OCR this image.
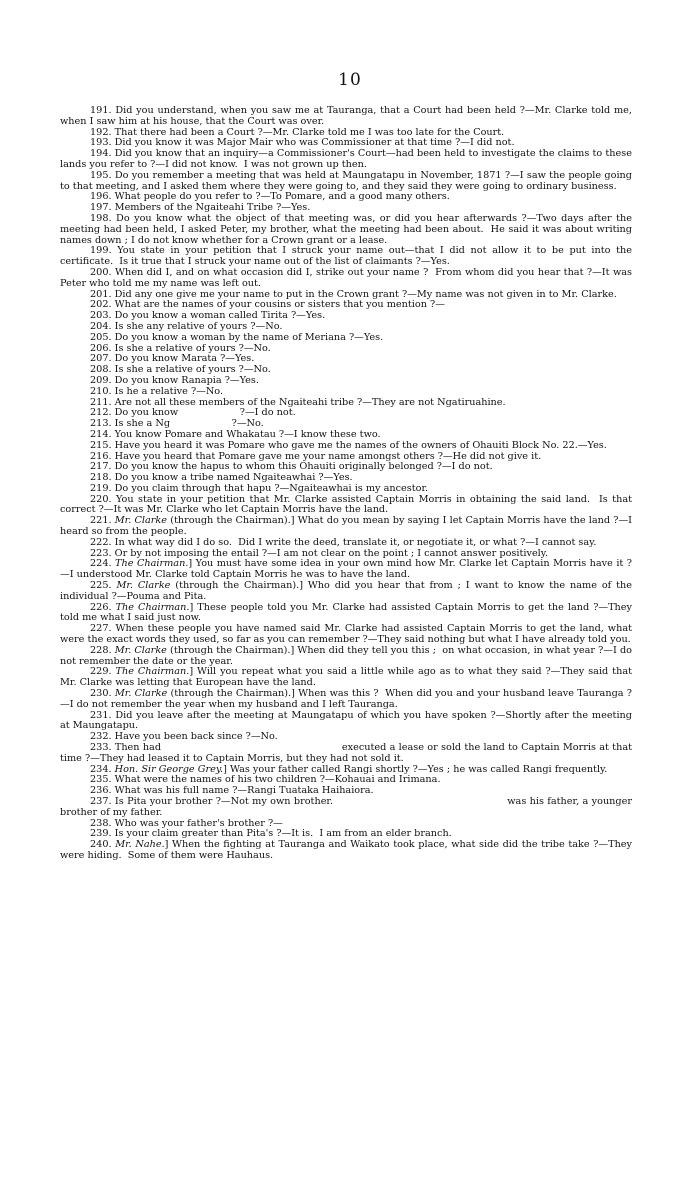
10

191. Did you understand, when you saw me at Tauranga, that a Court had been held ?—Mr. Clarke told me, when I saw him at his house, that the Court was over.

192. That there had been a Court ?—Mr. Clarke told me I was too late for the Court.

193. Did you know it was Major Mair who was Commissioner at that time ?—I did not.

194. Did you know that an inquiry—a Commissioner's Court—had been held to investigate the claims to these lands you refer to ?—I did not know.  I was not grown up then.

195. Do you remember a meeting that was held at Maungatapu in November, 1871 ?—I saw the people going to that meeting, and I asked them where they were going to, and they said they were going to ordinary business.

196. What people do you refer to ?—To Pomare, and a good many others.

197. Members of the Ngaiteahi Tribe ?—Yes.

198. Do you know what the object of that meeting was, or did you hear afterwards ?—Two days after the meeting had been held, I asked Peter, my brother, what the meeting had been about.  He said it was about writing names down ; I do not know whether for a Crown grant or a lease.

199. You state in your petition that I struck your name out—that I did not allow it to be put into the certificate.  Is it true that I struck your name out of the list of claimants ?—Yes.

200. When did I, and on what occasion did I, strike out your name ?  From whom did you hear that ?—It was Peter who told me my name was left out.

201. Did any one give me your name to put in the Crown grant ?—My name was not given in to Mr. Clarke.

202. What are the names of your cousins or sisters that you mention ?—

203. Do you know a woman called Tirita ?—Yes.

204. Is she any relative of yours ?—No.

205. Do you know a woman by the name of Meriana ?—Yes.

206. Is she a relative of yours ?—No.

207. Do you know Marata ?—Yes.

208. Is she a relative of yours ?—No.

209. Do you know Ranapia ?—Yes.

210. Is he a relative ?—No.

211. Are not all these members of the Ngaiteahi tribe ?—They are not Ngatiruahine.

212. Do you know                    ?—I do not.

213. Is she a Ng                    ?—No.

214. You know Pomare and Whakatau ?—I know these two.

215. Have you heard it was Pomare who gave me the names of the owners of Ohauiti Block No. 22.—Yes.

216. Have you heard that Pomare gave me your name amongst others ?—He did not give it.

217. Do you know the hapus to whom this Ohauiti originally belonged ?—I do not.

218. Do you know a tribe named Ngaiteawhai ?—Yes.

219. Do you claim through that hapu ?—Ngaiteawhai is my ancestor.

220. You state in your petition that Mr. Clarke assisted Captain Morris in obtaining the said land.  Is that correct ?—It was Mr. Clarke who let Captain Morris have the land.

221. Mr. Clarke (through the Chairman).] What do you mean by saying I let Captain Morris have the land ?—I heard so from the people.

222. In what way did I do so.  Did I write the deed, translate it, or negotiate it, or what ?—I cannot say.

223. Or by not imposing the entail ?—I am not clear on the point ; I cannot answer positively.

224. The Chairman.] You must have some idea in your own mind how Mr. Clarke let Captain Morris have it ?—I understood Mr. Clarke told Captain Morris he was to have the land.

225. Mr. Clarke (through the Chairman).] Who did you hear that from ; I want to know the name of the individual ?—Pouma and Pita.

226. The Chairman.] These people told you Mr. Clarke had assisted Captain Morris to get the land ?—They told me what I said just now.

227. When these people you have named said Mr. Clarke had assisted Captain Morris to get the land, what were the exact words they used, so far as you can remember ?—They said nothing but what I have already told you.

228. Mr. Clarke (through the Chairman).] When did they tell you this ;  on what occasion, in what year ?—I do not remember the date or the year.

229. The Chairman.] Will you repeat what you said a little while ago as to what they said ?—They said that Mr. Clarke was letting that European have the land.

230. Mr. Clarke (through the Chairman).] When was this ?  When did you and your husband leave Tauranga ?—I do not remember the year when my husband and I left Tauranga.

231. Did you leave after the meeting at Maungatapu of which you have spoken ?—Shortly after the meeting at Maungatapu.

232. Have you been back since ?—No.

233. Then had                                                       executed a lease or sold the land to Captain Morris at that time ?—They had leased it to Captain Morris, but they had not sold it.

234. Hon. Sir George Grey.] Was your father called Rangi shortly ?—Yes ; he was called Rangi frequently.

235. What were the names of his two children ?—Kohauai and Irimana.

236. What was his full name ?—Rangi Tuataka Haihaiora.

237. Is Pita your brother ?—Not my own brother.                                                    was his father, a younger brother of my father.

238. Who was your father's brother ?—

239. Is your claim greater than Pita's ?—It is.  I am from an elder branch.

240. Mr. Nahe.] When the fighting at Tauranga and Waikato took place, what side did the tribe take ?—They were hiding.  Some of them were Hauhaus.
